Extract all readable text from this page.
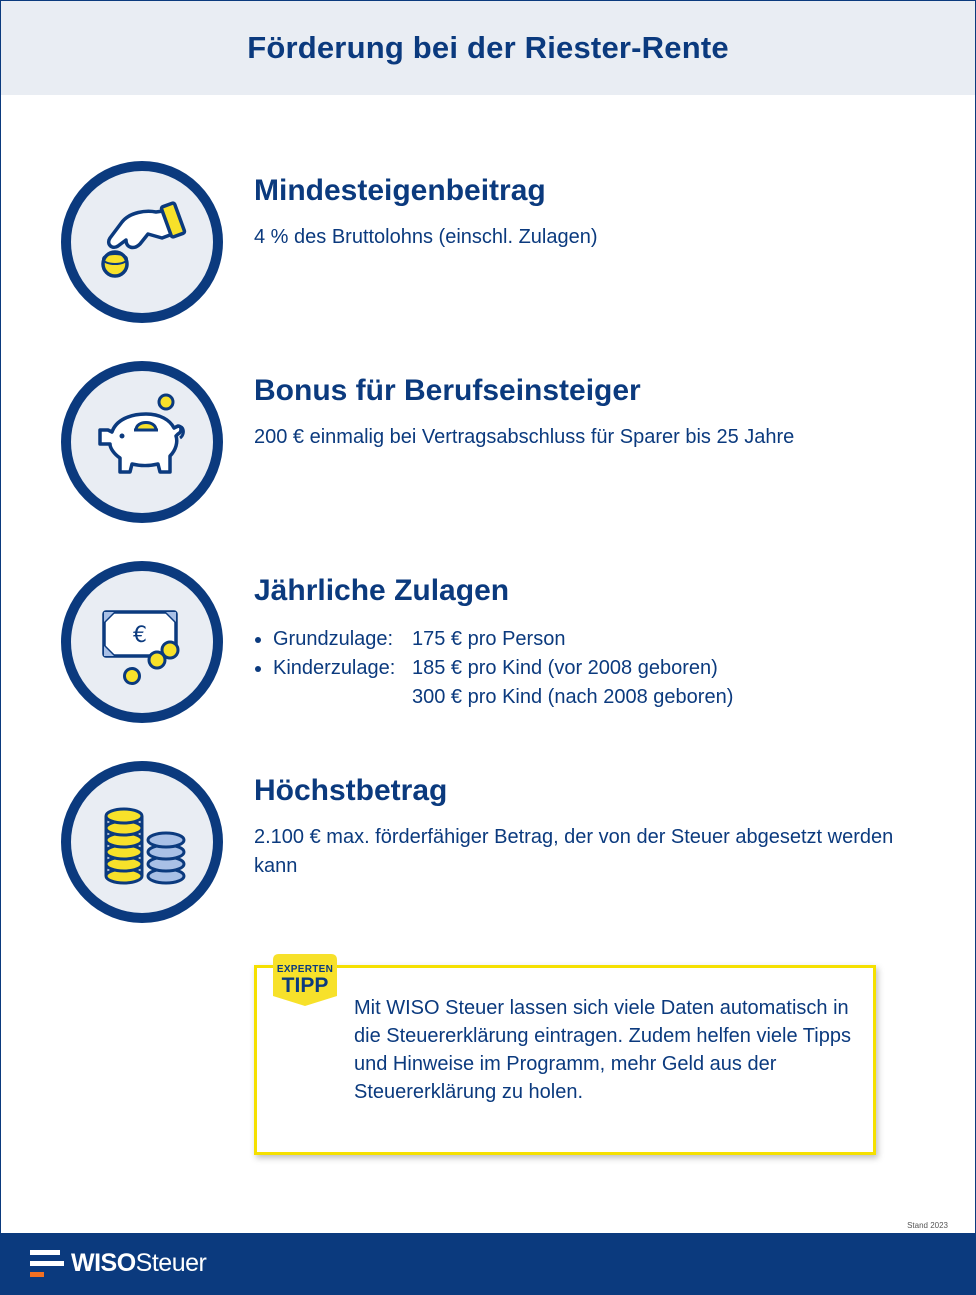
Förderung bei der Riester-Rente
Mindesteigenbeitrag

4 % des Bruttolohns (einschl. Zulagen)

Bonus für Berufseinsteiger

200 € einmalig bei Vertragsabschluss für Sparer bis 25 Jahre

€
Jährliche Zulagen
Grundzulage: 175 € pro Person
Kinderzulage: 185 € pro Kind (vor 2008 geboren)
300 € pro Kind (nach 2008 geboren)
Höchstbetrag

2.100 € max. förderfähiger Betrag, der von der Steuer abgesetzt werden kann

EXPERTEN
TIPP

Mit WISO Steuer lassen sich viele Daten automatisch in die Steuererklärung eintragen. Zudem helfen viele Tipps und Hinweise im Programm, mehr Geld aus der Steuererklärung zu holen.

Stand 2023
WISOSteuer
